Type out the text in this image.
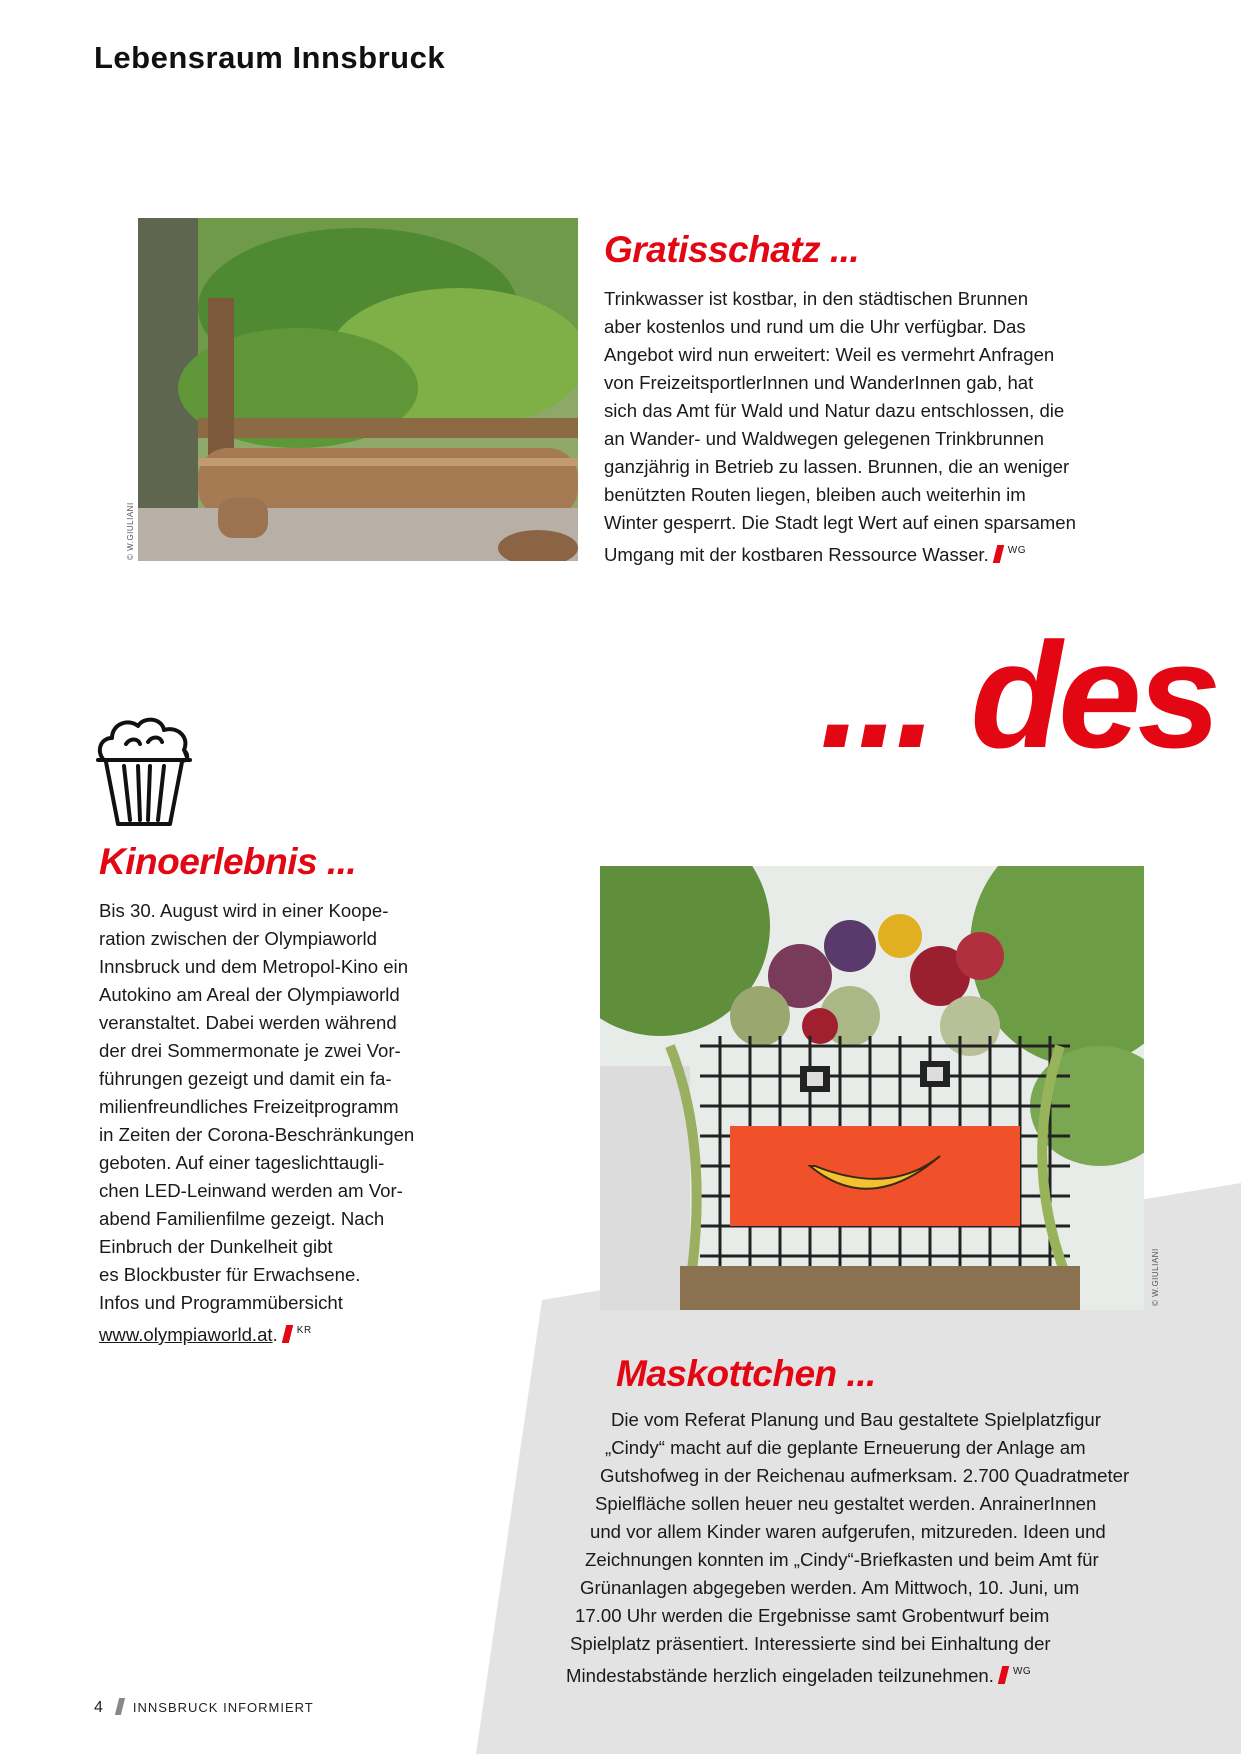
Lebensraum Innsbruck
© W.GIULIANI
Gratisschatz ...
Trinkwasser ist kostbar, in den städtischen Brunnen
aber kostenlos und rund um die Uhr verfügbar. Das
Angebot wird nun erweitert: Weil es vermehrt Anfragen
von FreizeitsportlerInnen und WanderInnen gab, hat
sich das Amt für Wald und Natur dazu entschlossen, die
an Wander- und Waldwegen gelegenen Trinkbrunnen
ganzjährig in Betrieb zu lassen. Brunnen, die an weniger
benützten Routen liegen, bleiben auch weiterhin im
Winter gesperrt. Die Stadt legt Wert auf einen sparsamen
Umgang mit der kostbaren Ressource Wasser. $^{WG}$
... des
Kinoerlebnis ...
Bis 30. August wird in einer Koope-
ration zwischen der Olympiaworld
Innsbruck und dem Metropol-Kino ein
Autokino am Areal der Olympiaworld
veranstaltet. Dabei werden während
der drei Sommermonate je zwei Vor-
führungen gezeigt und damit ein fa-
milienfreundliches Freizeitprogramm
in Zeiten der Corona-Beschränkungen
geboten. Auf einer tageslichttaugli-
chen LED-Leinwand werden am Vor-
abend Familienfilme gezeigt. Nach
Einbruch der Dunkelheit gibt
es Blockbuster für Erwachsene.
Infos und Programmübersicht
www.olympiaworld.at. $^{KR}$
© W.GIULIANI
Maskottchen ...
Die vom Referat Planung und Bau gestaltete Spielplatzfigur
„Cindy“ macht auf die geplante Erneuerung der Anlage am
Gutshofweg in der Reichenau aufmerksam. 2.700 Quadratmeter
Spielfläche sollen heuer neu gestaltet werden. AnrainerInnen
und vor allem Kinder waren aufgerufen, mitzureden. Ideen und
Zeichnungen konnten im „Cindy“-Briefkasten und beim Amt für
Grünanlagen abgegeben werden. Am Mittwoch, 10. Juni, um
17.00 Uhr werden die Ergebnisse samt Grobentwurf beim
Spielplatz präsentiert. Interessierte sind bei Einhaltung der
Mindestabstände herzlich eingeladen teilzunehmen. $^{WG}$
4 INNSBRUCK INFORMIERT
